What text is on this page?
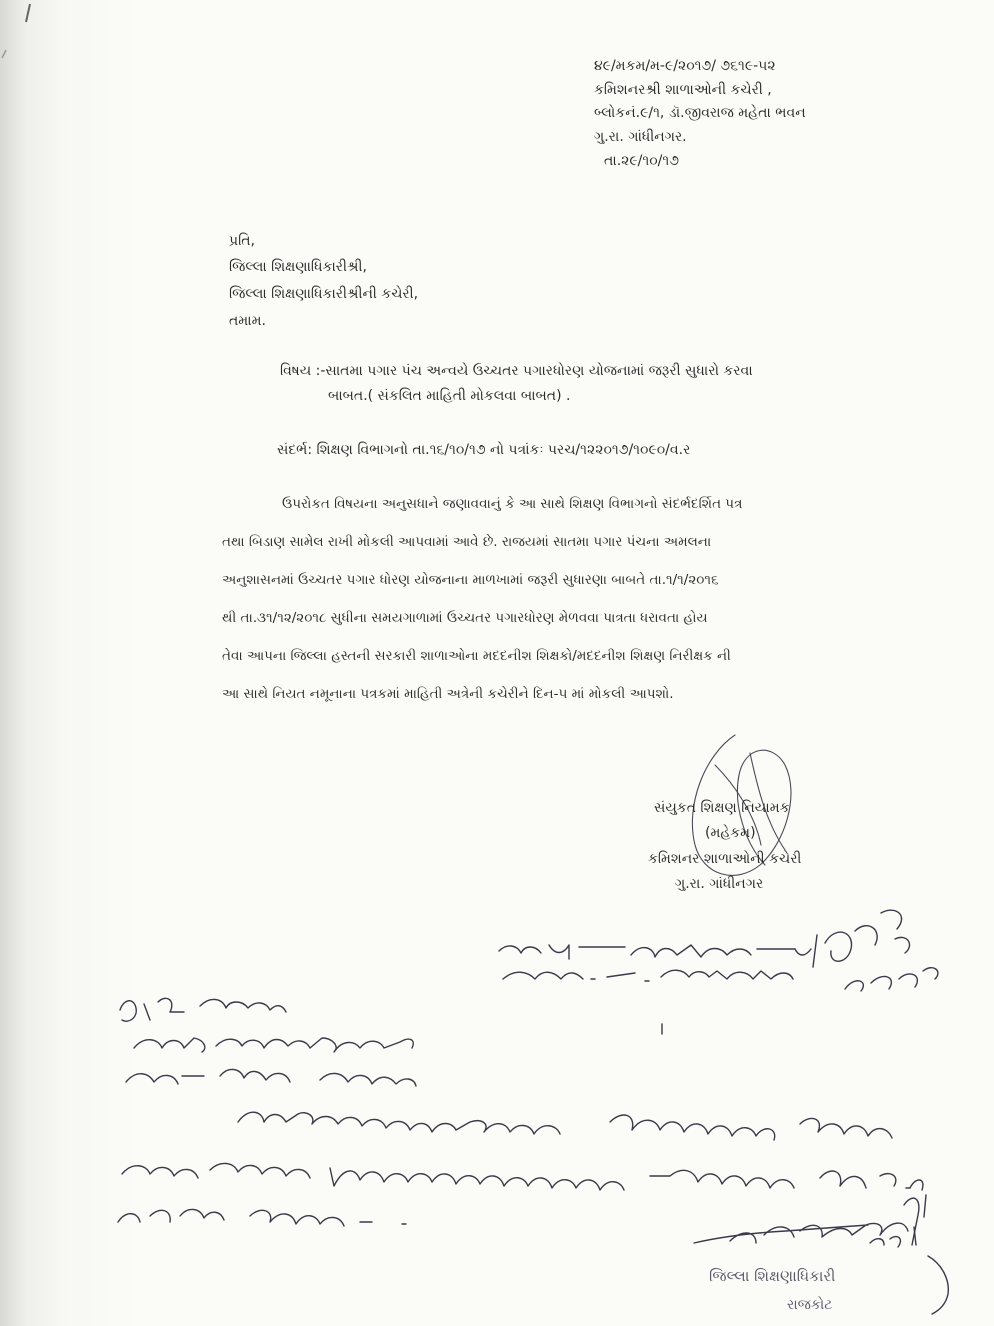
૪૯/મકમ/મ-૯/૨૦૧૭/ ૭૬૧૯-૫૨
કમિશનરશ્રી શાળાઓની કચેરી ,
બ્લોકનં.૯/૧, ડૉ.જીવરાજ મહેતા ભવન
ગુ.રા. ગાંધીનગર.
તા.૨૯/૧૦/૧૭
પ્રતિ,
જિલ્લા શિક્ષણાધિકારીશ્રી,
જિલ્લા શિક્ષણાધિકારીશ્રીની કચેરી,
તમામ.
વિષય :-સાતમા પગાર પંચ અન્વયે ઉચ્ચતર પગારધોરણ યોજનામાં જરૂરી સુધારો કરવા
બાબત.( સંકલિત માહિતી મોકલવા બાબત) .
સંદર્ભ: શિક્ષણ વિભાગનો તા.૧૬/૧૦/૧૭ નો પત્રાંકઃ પરચ/૧૨૨૦૧૭/૧૦૯૦/વ.ર
ઉપરોકત વિષયના અનુસધાને જણાવવાનું કે આ સાથે શિક્ષણ વિભાગનો સંદર્ભદર્શિત પત્ર
તથા બિડાણ સામેલ રાખી મોકલી આપવામાં આવે છે. રાજયમાં સાતમા પગાર પંચના અમલના
અનુશાસનમાં ઉચ્ચતર પગાર ધોરણ યોજનાના માળખામાં જરૂરી સુધારણા બાબતે તા.૧/૧/૨૦૧૬
થી તા.૩૧/૧૨/૨૦૧૮ સુધીના સમયગાળામાં ઉચ્ચતર પગારધોરણ મેળવવા પાત્રતા ધરાવતા હોય
તેવા આપના જિલ્લા હસ્તની સરકારી શાળાઓના મદદનીશ શિક્ષકો/મદદનીશ શિક્ષણ નિરીક્ષક ની
આ સાથે નિયત નમૂનાના પત્રકમાં માહિતી અત્રેની કચેરીને દિન-૫ માં મોકલી આપશો.
સંયુકત શિક્ષણ નિયામક
(મહેકમ)
કમિશનર શાળાઓની કચેરી
ગુ.રા. ગાંધીનગર
જિલ્લા શિક્ષણાધિકારી
રાજકોટ
